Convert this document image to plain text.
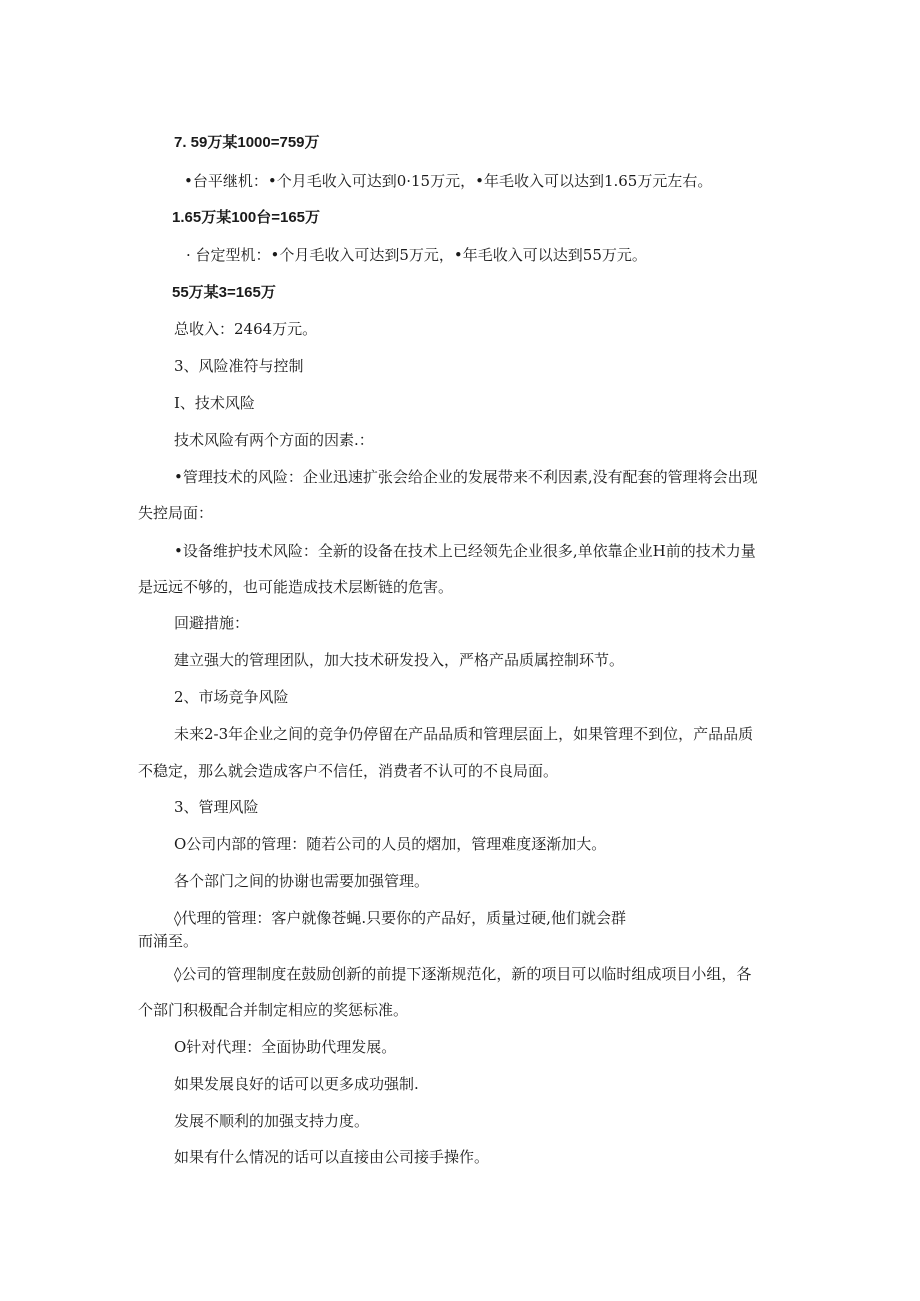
7. 59万某1000=759万
•台平继机：•个月毛收入可达到0·15万元，•年毛收入可以达到1.65万元左右。
1.65万某100台=165万
· 台定型机：•个月毛收入可达到5万元，•年毛收入可以达到55万元。
55万某3=165万
总收入：2464万元。
3、风险准符与控制
I、技术风险
技术风险有两个方面的因素.：
•管理技术的风险：企业迅速扩张会给企业的发展带来不利因素,没有配套的管理将会出现
失控局面：
•设备维护技术风险：全新的设备在技术上已经领先企业很多,单依靠企业H前的技术力量
是远远不够的，也可能造成技术层断链的危害。
回避措施：
建立强大的管理团队，加大技术研发投入，严格产品质属控制环节。
2、市场竞争风险
未来2-3年企业之间的竞争仍停留在产品品质和管理层面上，如果管理不到位，产品品质
不稳定，那么就会造成客户不信任，消费者不认可的不良局面。
3、管理风险
O公司内部的管理：随若公司的人员的熠加，管理难度逐渐加大。
各个部门之间的协谢也需要加强管理。
◊代理的管理：客户就像苍蝇.只要你的产品好，质量过硬,他们就会群
而涌至。
◊公司的管理制度在鼓励创新的前提下逐渐规范化，新的项目可以临时组成项目小组，各
个部门积极配合并制定相应的奖惩标准。
O针对代理：全面协助代理发展。
如果发展良好的话可以更多成功强制.
发展不顺利的加强支持力度。
如果有什么情况的话可以直接由公司接手操作。
